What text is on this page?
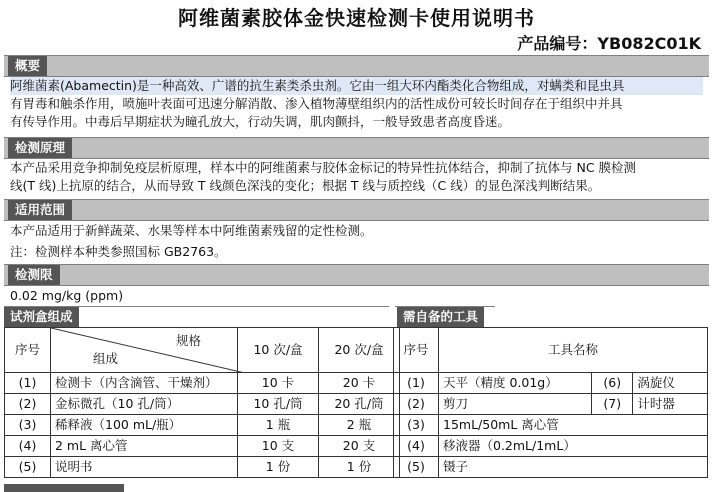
阿维菌素胶体金快速检测卡使用说明书
产品编号：YB082C01K
概要
阿维菌素(Abamectin)是一种高效、广谱的抗生素类杀虫剂。它由一组大环内酯类化合物组成，对螨类和昆虫具
有胃毒和触杀作用，喷施叶表面可迅速分解消散、渗入植物薄壁组织内的活性成份可较长时间存在于组织中并具
有传导作用。中毒后早期症状为瞳孔放大，行动失调，肌肉颤抖，一般导致患者高度昏迷。
检测原理
本产品采用竞争抑制免疫层析原理，样本中的阿维菌素与胶体金标记的特异性抗体结合，抑制了抗体与 NC 膜检测
线(T 线)上抗原的结合，从而导致 T 线颜色深浅的变化；根据 T 线与质控线（C 线）的显色深浅判断结果。
适用范围
本产品适用于新鲜蔬菜、水果等样本中阿维菌素残留的定性检测。
注：检测样本种类参照国标 GB2763。
检测限
0.02 mg/kg (ppm)
试剂盒组成	需自备的工具
序号	规格
组成	10 次/盒	20 次/盒
(1)	检测卡（内含滴管、干燥剂）	10 卡	20 卡
(2)	金标微孔（10 孔/筒）	10 孔/筒	20 孔/筒
(3)	稀释液（100 mL/瓶）	1 瓶	2 瓶
(4)	2 mL 离心管	10 支	20 支
(5)	说明书	1 份	1 份
序号	工具名称		
(1)	天平（精度 0.01g）	(6)	涡旋仪
(2)	剪刀	(7)	计时器
(3)	15mL/50mL 离心管		
(4)	移液器（0.2mL/1mL）		
(5)	镊子		
